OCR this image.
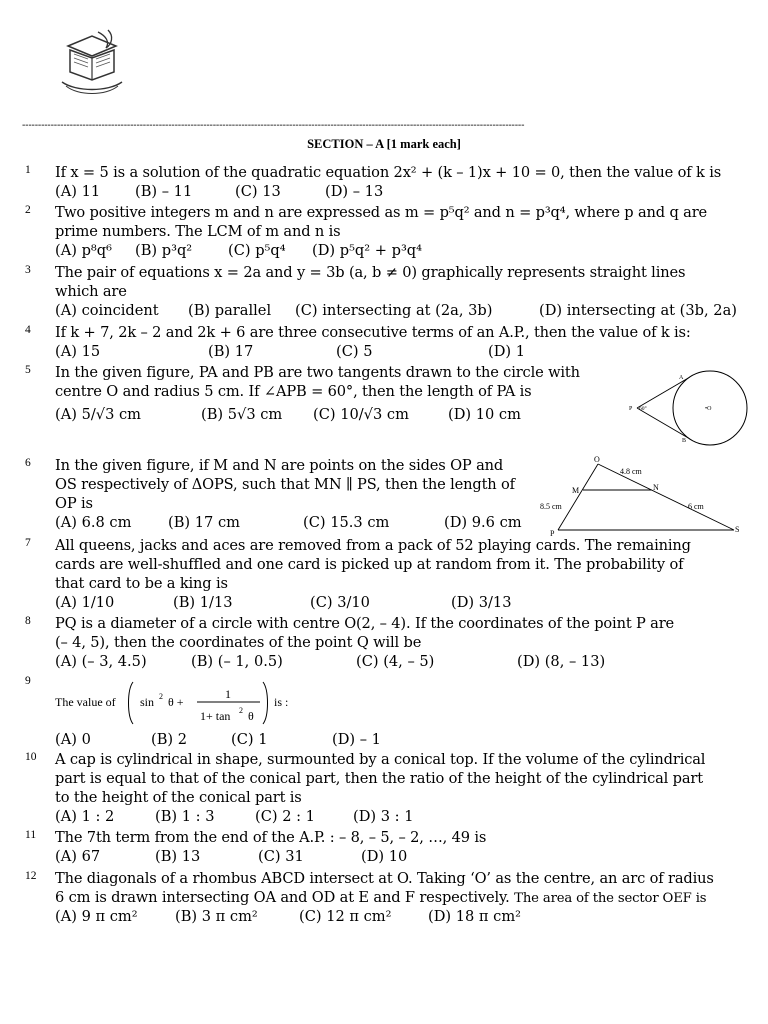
--------------------------------------------------------------------------------------------------------------------------------------------------------------
SECTION – A [1 mark each]
1	If x = 5 is a solution of the quadratic equation 2x² + (k – 1)x + 10 = 0, then the value of k is
(A) 11 (B) – 11	(C) 13	(D) – 13
2	Two positive integers m and n are expressed as m = p⁵q² and n = p³q⁴, where p and q are
prime numbers. The LCM of m and n is
(A) p⁸q⁶ (B) p³q² (C) p⁵q⁴ (D) p⁵q² + p³q⁴
3	The pair of equations x = 2a and y = 3b (a, b ≠ 0) graphically represents straight lines
which are
(A) coincident (B) parallel (C) intersecting at (2a, 3b)	(D) intersecting at (3b, 2a)
4	If k + 7, 2k – 2 and 2k + 6 are three consecutive terms of an A.P., then the value of k is:
(A) 15	(B) 17	(C) 5	(D) 1
5	In the given figure, PA and PB are two tangents drawn to the circle with
centre O and radius 5 cm. If ∠APB = 60°, then the length of PA is
(A) 5/√3 cm	(B) 5√3 cm (C) 10/√3 cm	(D) 10 cm
A
P 60°	•O
B
6	In the given figure, if M and N are points on the sides OP and
OS respectively of ΔOPS, such that MN ∥ PS, then the length of
OP is
(A) 6.8 cm	(B) 17 cm	(C) 15.3 cm	(D) 9.6 cm
O
4.8 cm
M	N
8.5 cm	6 cm
P	S
7	All queens, jacks and aces are removed from a pack of 52 playing cards. The remaining
cards are well-shuffled and one card is picked up at random from it. The probability of
that card to be a king is
(A) 1/10	(B) 1/13	(C) 3/10	(D) 3/13
8	PQ is a diameter of a circle with centre O(2, – 4). If the coordinates of the point P are
(– 4, 5), then the coordinates of the point Q will be
(A) (– 3, 4.5)	(B) (– 1, 0.5)	(C) (4, – 5)	(D) (8, – 13)
9
The value of sin 2 θ +
1
1+ tan 2 θ
is :
(A) 0	(B) 2	(C) 1	(D) – 1
10	A cap is cylindrical in shape, surmounted by a conical top. If the volume of the cylindrical
part is equal to that of the conical part, then the ratio of the height of the cylindrical part
to the height of the conical part is
(A) 1 : 2	(B) 1 : 3	(C) 2 : 1	(D) 3 : 1
11	The 7th term from the end of the A.P. : – 8, – 5, – 2, …, 49 is
(A) 67	(B) 13	(C) 31	(D) 10
12	The diagonals of a rhombus ABCD intersect at O. Taking ‘O’ as the centre, an arc of radius
6 cm is drawn intersecting OA and OD at E and F respectively. The area of the sector OEF is
(A) 9 π cm²	(B) 3 π cm²	(C) 12 π cm²	(D) 18 π cm²
